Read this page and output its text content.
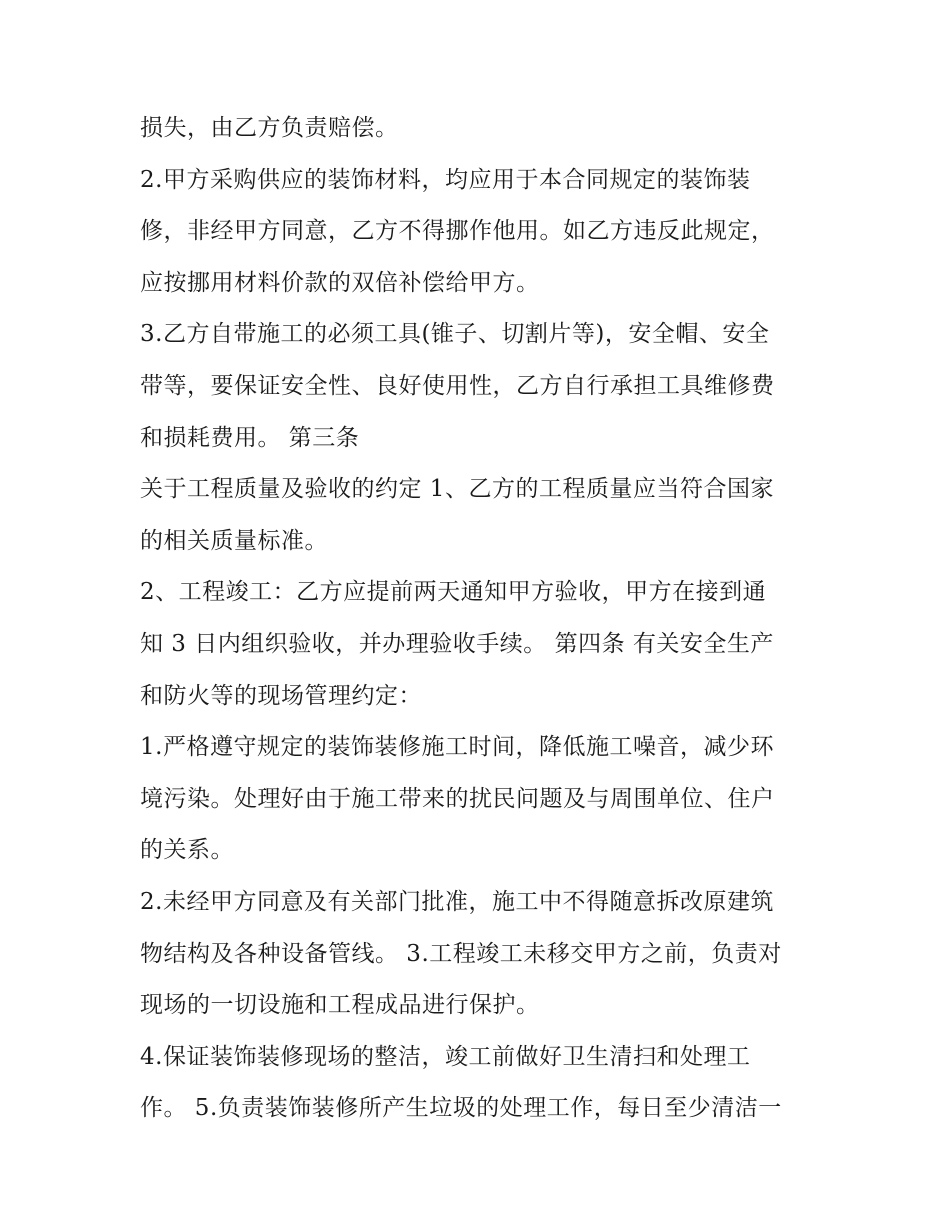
损失，由乙方负责赔偿。
2.甲方采购供应的装饰材料，均应用于本合同规定的装饰装
修，非经甲方同意，乙方不得挪作他用。如乙方违反此规定，
应按挪用材料价款的双倍补偿给甲方。
3.乙方自带施工的必须工具(锥子、切割片等)，安全帽、安全
带等，要保证安全性、良好使用性，乙方自行承担工具维修费
和损耗费用。 第三条
关于工程质量及验收的约定 1、乙方的工程质量应当符合国家
的相关质量标准。
2、工程竣工：乙方应提前两天通知甲方验收，甲方在接到通
知 3 日内组织验收，并办理验收手续。 第四条 有关安全生产
和防火等的现场管理约定：
1.严格遵守规定的装饰装修施工时间，降低施工噪音，减少环
境污染。处理好由于施工带来的扰民问题及与周围单位、住户
的关系。
2.未经甲方同意及有关部门批准，施工中不得随意拆改原建筑
物结构及各种设备管线。 3.工程竣工未移交甲方之前，负责对
现场的一切设施和工程成品进行保护。
4.保证装饰装修现场的整洁，竣工前做好卫生清扫和处理工
作。 5.负责装饰装修所产生垃圾的处理工作，每日至少清洁一
